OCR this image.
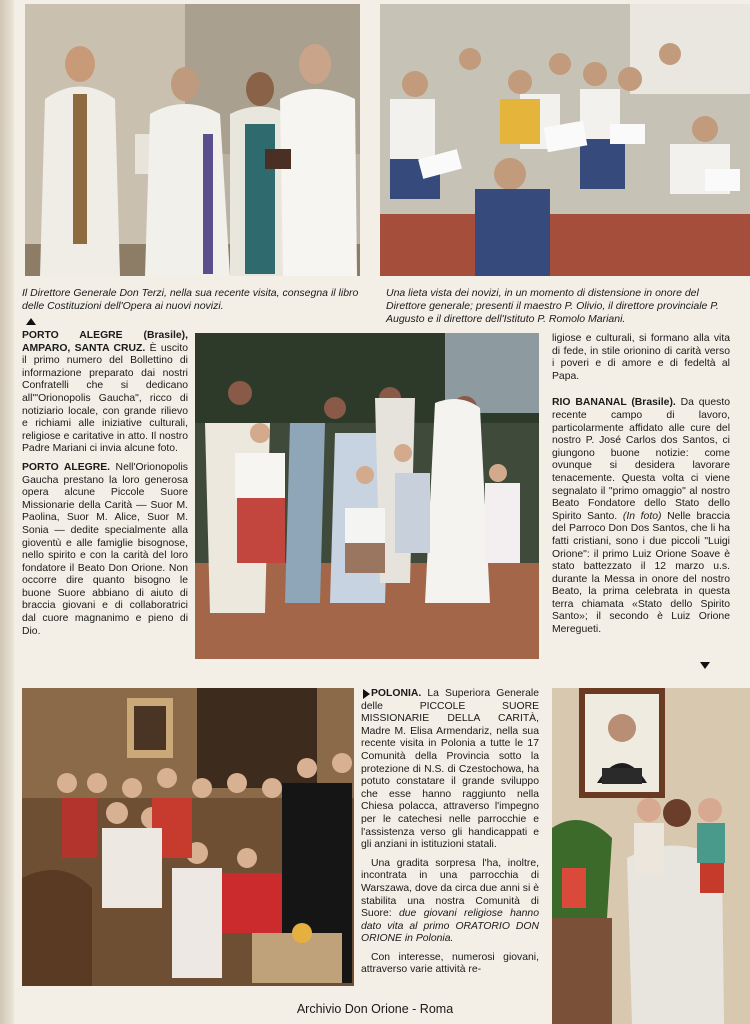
Il Direttore Generale Don Terzi, nella sua recente visita, consegna il libro delle Costituzioni dell'Opera ai nuovi novizi.
Una lieta vista dei novizi, in un momento di distensione in onore del Direttore generale; presenti il maestro P. Olivio, il direttore provinciale P. Augusto e il direttore dell'Istituto P. Romolo Mariani.

PORTO ALEGRE (Brasile), AMPARO, SANTA CRUZ. È uscito il primo numero del Bollettino di informazione preparato dai nostri Confratelli che si dedicano all'"Orionopolis Gaucha", ricco di notiziario locale, con grande rilievo e richiami alle iniziative culturali, religiose e caritative in atto. Il nostro Padre Mariani ci invia alcune foto.

PORTO ALEGRE. Nell'Orionopolis Gaucha prestano la loro generosa opera alcune Piccole Suore Missionarie della Carità — Suor M. Paolina, Suor M. Alice, Suor M. Sonia — dedite specialmente alla gioventù e alle famiglie bisognose, nello spirito e con la carità del loro fondatore il Beato Don Orione. Non occorre dire quanto bisogno le buone Suore abbiano di aiuto di braccia giovani e di collaboratrici dal cuore magnanimo e pieno di Dio.

ligiose e culturali, si formano alla vita di fede, in stile orionino di carità verso i poveri e di amore e di fedeltà al Papa.

RIO BANANAL (Brasile). Da questo recente campo di lavoro, particolarmente affidato alle cure del nostro P. José Carlos dos Santos, ci giungono buone notizie: come ovunque si desidera lavorare tenacemente. Questa volta ci viene segnalato il "primo omaggio" al nostro Beato Fondatore dello Stato dello Spirito Santo. (In foto) Nelle braccia del Parroco Don Dos Santos, che li ha fatti cristiani, sono i due piccoli "Luigi Orione": il primo Luiz Orione Soave è stato battezzato il 12 marzo u.s. durante la Messa in onore del nostro Beato, la prima celebrata in questa terra chiamata «Stato dello Spirito Santo»; il secondo è Luiz Orione Meregueti.

POLONIA. La Superiora Generale delle PICCOLE SUORE MISSIONARIE DELLA CARITÀ, Madre M. Elisa Armendariz, nella sua recente visita in Polonia a tutte le 17 Comunità della Provincia sotto la protezione di N.S. di Czestochowa, ha potuto constatare il grande sviluppo che esse hanno raggiunto nella Chiesa polacca, attraverso l'impegno per le catechesi nelle parrocchie e l'assistenza verso gli handicappati e gli anziani in istituzioni statali.

Una gradita sorpresa l'ha, inoltre, incontrata in una parrocchia di Warszawa, dove da circa due anni si è stabilita una nostra Comunità di Suore: due giovani religiose hanno dato vita al primo ORATORIO DON ORIONE in Polonia.

Con interesse, numerosi giovani, attraverso varie attività re-

Archivio Don Orione - Roma
